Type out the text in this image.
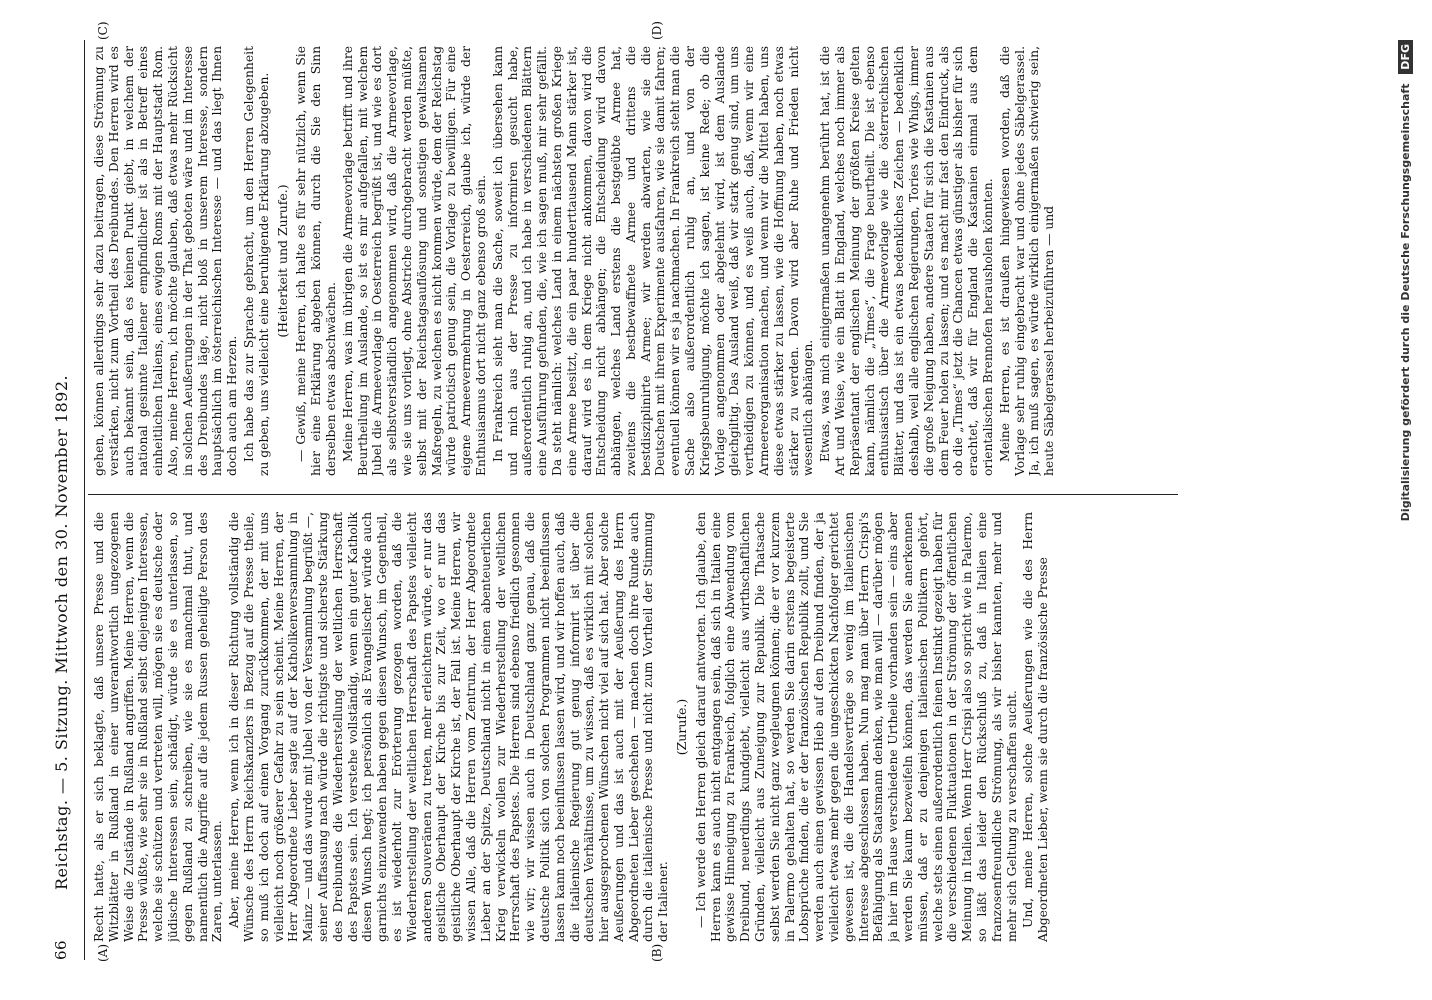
66
Reichstag. — 5. Sitzung. Mittwoch den 30. November 1892.
(A)	(B)
(C)	(D)

Recht hatte, als er sich beklagte, daß unsere Presse und die Witzblätter in Rußland in einer unverantwortlich ungezogenen Weise die Zustände in Rußland angriffen. Meine Herren, wenn die Presse wüßte, wie sehr sie in Rußland selbst diejenigen Interessen, welche sie schützen und vertreten will, mögen sie es deutsche oder jüdische Interessen sein, schädigt, würde sie es unterlassen, so gegen Rußland zu schreiben, wie sie es manchmal thut, und namentlich die Angriffe auf die jedem Russen geheiligte Person des Zaren, unterlassen. Aber, meine Herren, wenn ich in dieser Richtung vollständig die Wünsche des Herrn Reichskanzlers in Bezug auf die Presse theile, so muß ich doch auf einen Vorgang zurückkommen, der mit uns vielleicht noch größerer Gefahr zu sein scheint. Meine Herren, der Herr Abgeordnete Lieber sagte auf der Katholikenversammlung in Mainz — und das wurde mit Jubel von der Versammlung begrüßt —, seiner Auffassung nach würde die richtigste und sicherste Stärkung des Dreibundes die Wiederherstellung der weltlichen Herrschaft des Papstes sein. Ich verstehe vollständig, wenn ein guter Katholik diesen Wunsch hegt; ich persönlich als Evangelischer würde auch garnichts einzuwenden haben gegen diesen Wunsch, im Gegentheil, es ist wiederholt zur Erörterung gezogen worden, daß die Wiederherstellung der weltlichen Herrschaft des Papstes vielleicht anderen Souveränen zu treten, mehr erleichtern würde, er nur das geistliche Oberhaupt der Kirche bis zur Zeit, wo er nur das geistliche Oberhaupt der Kirche ist, der Fall ist. Meine Herren, wir wissen Alle, daß die Herren vom Zentrum, der Herr Abgeordnete Lieber an der Spitze, Deutschland nicht in einen abenteuerlichen Krieg verwickeln wollen zur Wiederherstellung der weltlichen Herrschaft des Papstes. Die Herren sind ebenso friedlich gesonnen wie wir; wir wissen auch in Deutschland ganz genau, daß die deutsche Politik sich von solchen Programmen nicht beeinflussen lassen kann noch beeinflussen lassen wird, und wir hoffen auch, daß die italienische Regierung gut genug informirt ist über die deutschen Verhältnisse, um zu wissen, daß es wirklich mit solchen hier ausgesprochenen Wünschen nicht viel auf sich hat. Aber solche Aeußerungen und das ist auch mit der Aeußerung des Herrn Abgeordneten Lieber geschehen — machen doch ihre Runde auch durch die italienische Presse und nicht zum Vortheil der Stimmung der Italiener.

(Zurufe.) — Ich werde den Herren gleich darauf antworten. Ich glaube, den Herren kann es auch nicht entgangen sein, daß sich in Italien eine gewisse Hinneigung zu Frankreich, folglich eine Abwendung vom Dreibund, neuerdings kundgiebt, vielleicht aus wirthschaftlichen Gründen, vielleicht aus Zuneigung zur Republik. Die Thatsache selbst werden Sie nicht ganz wegleugnen können; die er vor kurzem in Palermo gehalten hat, so werden Sie darin erstens begeisterte Lobsprüche finden, die er der französischen Republik zollt, und Sie werden auch einen gewissen Hieb auf den Dreibund finden, der ja vielleicht etwas mehr gegen die ungeschickten Nachfolger gerichtet gewesen ist, die die Handelsverträge so wenig im italienischen Interesse abgeschlossen haben. Nun mag man über Herrn Crispi's Befähigung als Staatsmann denken, wie man will — darüber mögen ja hier im Hause verschiedene Urtheile vorhanden sein — eins aber werden Sie kaum bezweifeln können, das werden Sie anerkennen müssen, daß er zu denjenigen italienischen Politikern gehört, welche stets einen außerordentlich feinen Instinkt gezeigt haben für die verschiedenen Fluktuationen in der Strömung der öffentlichen Meinung in Italien. Wenn Herr Crispi also so spricht wie in Palermo, so läßt das leider den Rückschluß zu, daß in Italien eine franzosenfreundliche Strömung, als wir bisher kannten, mehr und mehr sich Geltung zu verschaffen sucht. Und, meine Herren, solche Aeußerungen wie die des Herrn Abgeordneten Lieber, wenn sie durch die französische Presse

gehen, können allerdings sehr dazu beitragen, diese Strömung zu verstärken, nicht zum Vortheil des Dreibundes. Den Herren wird es auch bekannt sein, daß es keinen Punkt giebt, in welchem der national gesinnte Italiener empfindlicher ist als in Betreff eines einheitlichen Italiens, eines ewigen Roms mit der Hauptstadt Rom. Also, meine Herren, ich möchte glauben, daß etwas mehr Rücksicht in solchen Aeußerungen in der That geboten wäre und im Interesse des Dreibundes läge, nicht bloß in unserem Interesse, sondern hauptsächlich im österreichischen Interesse — und das liegt Ihnen doch auch am Herzen. Ich habe das zur Sprache gebracht, um den Herren Gelegenheit zu geben, uns vielleicht eine beruhigende Erklärung abzugeben. (Heiterkeit und Zurufe.) — Gewiß, meine Herren, ich halte es für sehr nützlich, wenn Sie hier eine Erklärung abgeben können, durch die Sie den Sinn derselben etwas abschwächen. Meine Herren, was im übrigen die Armeevorlage betrifft und ihre Beurtheilung im Auslande, so ist es mir aufgefallen, mit welchem Jubel die Armeevorlage in Oesterreich begrüßt ist, und wie es dort als selbstverständlich angenommen wird, daß die Armeevorlage, wie sie uns vorliegt, ohne Abstriche durchgebracht werden müßte, selbst mit der Reichstagsauflösung und sonstigen gewaltsamen Maßregeln, zu welchen es nicht kommen würde, dem der Reichstag würde patriotisch genug sein, die Vorlage zu bewilligen. Für eine eigene Armeevermehrung in Oesterreich, glaube ich, würde der Enthusiasmus dort nicht ganz ebenso groß sein. In Frankreich sieht man die Sache, soweit ich übersehen kann und mich aus der Presse zu informiren gesucht habe, außerordentlich ruhig an, und ich habe in verschiedenen Blättern eine Ausführung gefunden, die, wie ich sagen muß, mir sehr gefällt. Da steht nämlich: welches Land in einem nächsten großen Kriege eine Armee besitzt, die ein paar hunderttausend Mann stärker ist, darauf wird es in dem Kriege nicht ankommen, davon wird die Entscheidung nicht abhängen; die Entscheidung wird davon abhängen, welches Land erstens die bestgeübte Armee hat, zweitens die bestbewaffnete Armee und drittens die bestdisziplinirte Armee; wir werden abwarten, wie sie die Deutschen mit ihrem Experimente ausfahren, wie sie damit fahren; eventuell können wir es ja nachmachen. In Frankreich steht man die Sache also außerordentlich ruhig an, und von der Kriegsbeunruhigung, möchte ich sagen, ist keine Rede; ob die Vorlage angenommen oder abgelehnt wird, ist dem Auslande gleichgiltig. Das Ausland weiß, daß wir stark genug sind, um uns vertheidigen zu können, und es weiß auch, daß, wenn wir eine Armeereorganisation machen, und wenn wir die Mittel haben, uns diese etwas stärker zu lassen, wie die Hoffnung haben, noch etwas stärker zu werden. Davon wird aber Ruhe und Frieden nicht wesentlich abhängen. Etwas, was mich einigermaßen unangenehm berührt hat, ist die Art und Weise, wie ein Blatt in England, welches noch immer als Repräsentant der englischen Meinung der größten Kreise gelten kann, nämlich die „Times“, die Frage beurtheilt. Die ist ebenso enthusiastisch über die Armeevorlage wie die österreichischen Blätter, und das ist ein etwas bedenkliches Zeichen — bedenklich deshalb, weil alle englischen Regierungen, Tories wie Whigs, immer die große Neigung haben, andere Staaten für sich die Kastanien aus dem Feuer holen zu lassen; und es macht mir fast den Eindruck, als ob die „Times“ jetzt die Chancen etwas günstiger als bisher für sich erachtet, daß wir für England die Kastanien einmal aus dem orientalischen Brennofen herausholen könnten. Meine Herren, es ist draußen hingewiesen worden, daß die Vorlage sehr ruhig eingebracht war und ohne jedes Säbelgerassel. Ja, ich muß sagen, es würde wirklich einigermaßen schwierig sein, heute Säbelgerassel herbeizuführen — und	Digitalisierung gefördert durch die Deutsche Forschungsgemeinschaft DFG
